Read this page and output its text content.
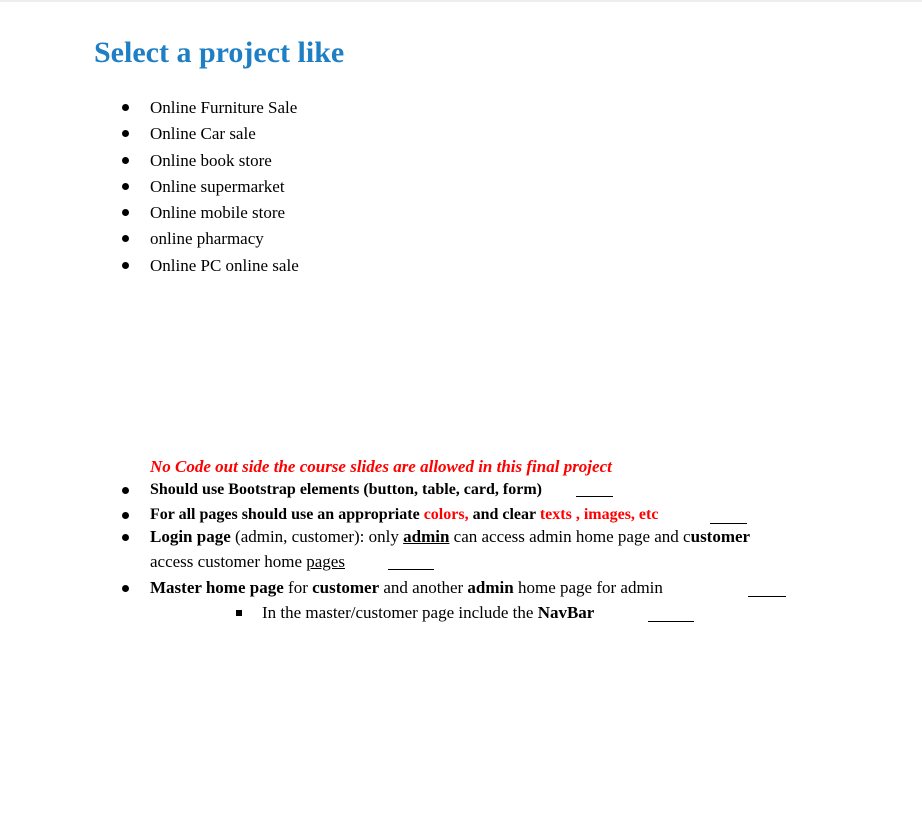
Select a project like
Online Furniture Sale
Online Car sale
Online book store
Online supermarket
Online mobile store
online pharmacy
Online PC online sale
No Code out side the course slides are allowed in this final project
Should use Bootstrap elements (button, table, card, form)
For all pages should use an appropriate colors, and clear texts , images, etc
Login page (admin, customer): only admin can access admin home page and customer
access customer home pages
Master home page for customer and another admin home page for admin
In the master/customer page include the NavBar
